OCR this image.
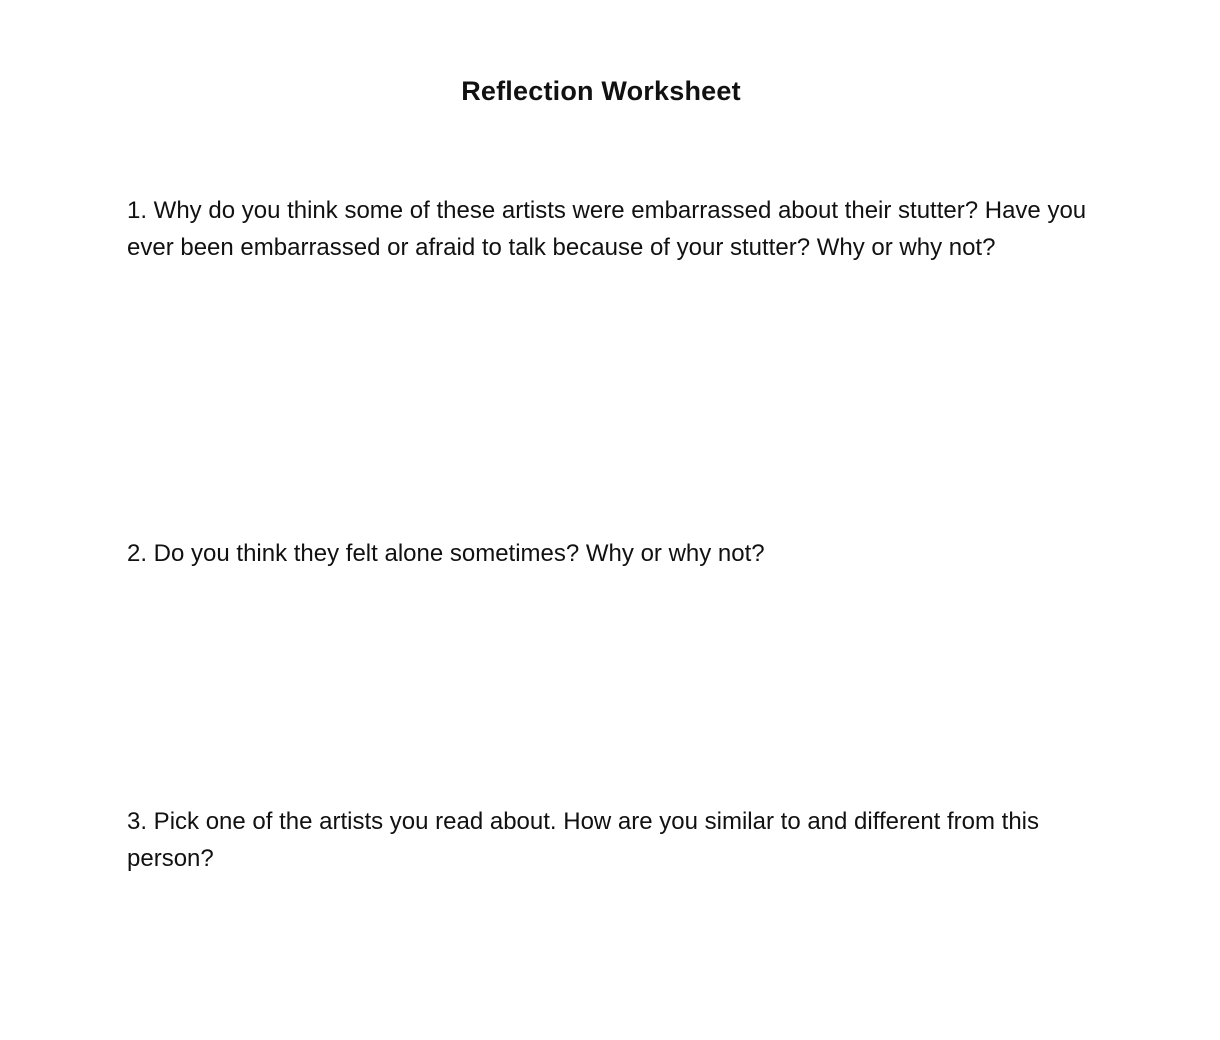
Reflection Worksheet

1. Why do you think some of these artists were embarrassed about their stutter? Have you ever been embarrassed or afraid to talk because of your stutter? Why or why not?

2. Do you think they felt alone sometimes? Why or why not?

3. Pick one of the artists you read about. How are you similar to and different from this person?
